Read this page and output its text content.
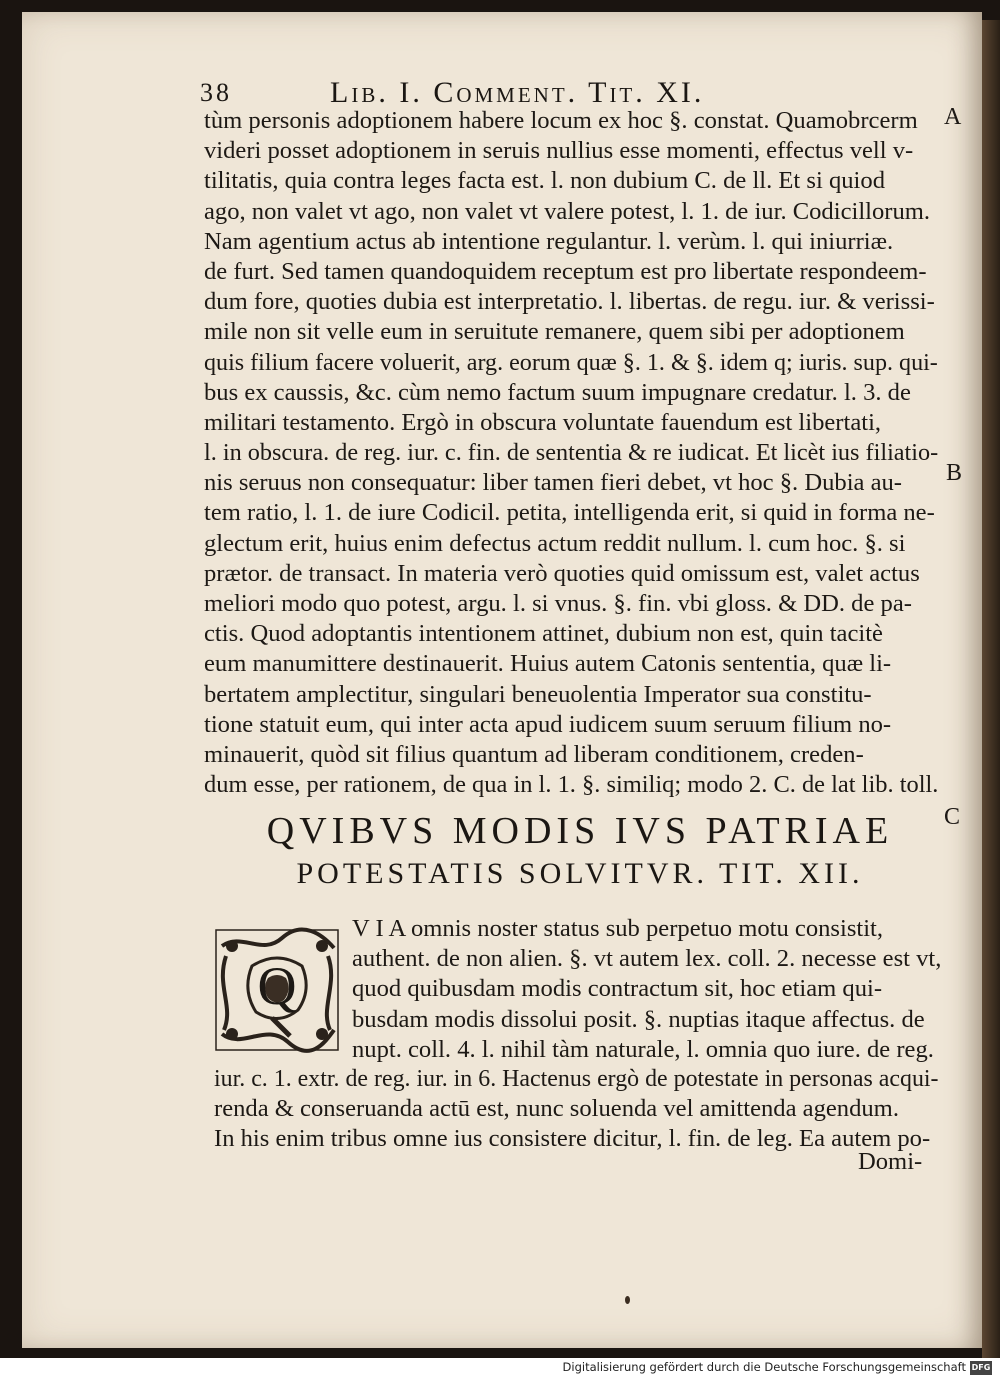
38	Lib. I. Comment. Tit. XI.
tùm personis adoptionem habere locum ex hoc §. constat. Quamobrcerm
videri posset adoptionem in seruis nullius esse momenti, effectus vell v-
tilitatis, quia contra leges facta est. l. non dubium C. de ll. Et si quiod
ago, non valet vt ago, non valet vt valere potest, l. 1. de iur. Codicillorum.
Nam agentium actus ab intentione regulantur. l. verùm. l. qui iniurriæ.
de furt. Sed tamen quandoquidem receptum est pro libertate respondeem-
dum fore, quoties dubia est interpretatio. l. libertas. de regu. iur. & verissi-
mile non sit velle eum in seruitute remanere, quem sibi per adoptionem
quis filium facere voluerit, arg. eorum quæ §. 1. & §. idem q; iuris. sup. qui-
bus ex caussis, &c. cùm nemo factum suum impugnare credatur. l. 3. de
militari testamento. Ergò in obscura voluntate fauendum est libertati,
l. in obscura. de reg. iur. c. fin. de sententia & re iudicat. Et licèt ius filiatio-
nis seruus non consequatur: liber tamen fieri debet, vt hoc §. Dubia au-
tem ratio, l. 1. de iure Codicil. petita, intelligenda erit, si quid in forma ne-
glectum erit, huius enim defectus actum reddit nullum. l. cum hoc. §. si
prætor. de transact. In materia verò quoties quid omissum est, valet actus
meliori modo quo potest, argu. l. si vnus. §. fin. vbi gloss. & DD. de pa-
ctis. Quod adoptantis intentionem attinet, dubium non est, quin tacitè
eum manumittere destinauerit. Huius autem Catonis sententia, quæ li-
bertatem amplectitur, singulari beneuolentia Imperator sua constitu-
tione statuit eum, qui inter acta apud iudicem suum seruum filium no-
minauerit, quòd sit filius quantum ad liberam conditionem, creden-
dum esse, per rationem, de qua in l. 1. §. similiq; modo 2. C. de lat lib. toll.
A
B
C
QVIBVS MODIS IVS PATRIAE
POTESTATIS SOLVITVR. TIT. XII.
Q
V I A omnis noster status sub perpetuo motu consistit,
authent. de non alien. §. vt autem lex. coll. 2. necesse est vt,
quod quibusdam modis contractum sit, hoc etiam qui-
busdam modis dissolui posit. §. nuptias itaque affectus. de
nupt. coll. 4. l. nihil tàm naturale, l. omnia quo iure. de reg.
iur. c. 1. extr. de reg. iur. in 6. Hactenus ergò de potestate in personas acqui-
renda & conseruanda actū est, nunc soluenda vel amittenda agendum.
In his enim tribus omne ius consistere dicitur, l. fin. de leg. Ea autem po-
Domi-
Digitalisierung gefördert durch die Deutsche Forschungsgemeinschaft DFG
